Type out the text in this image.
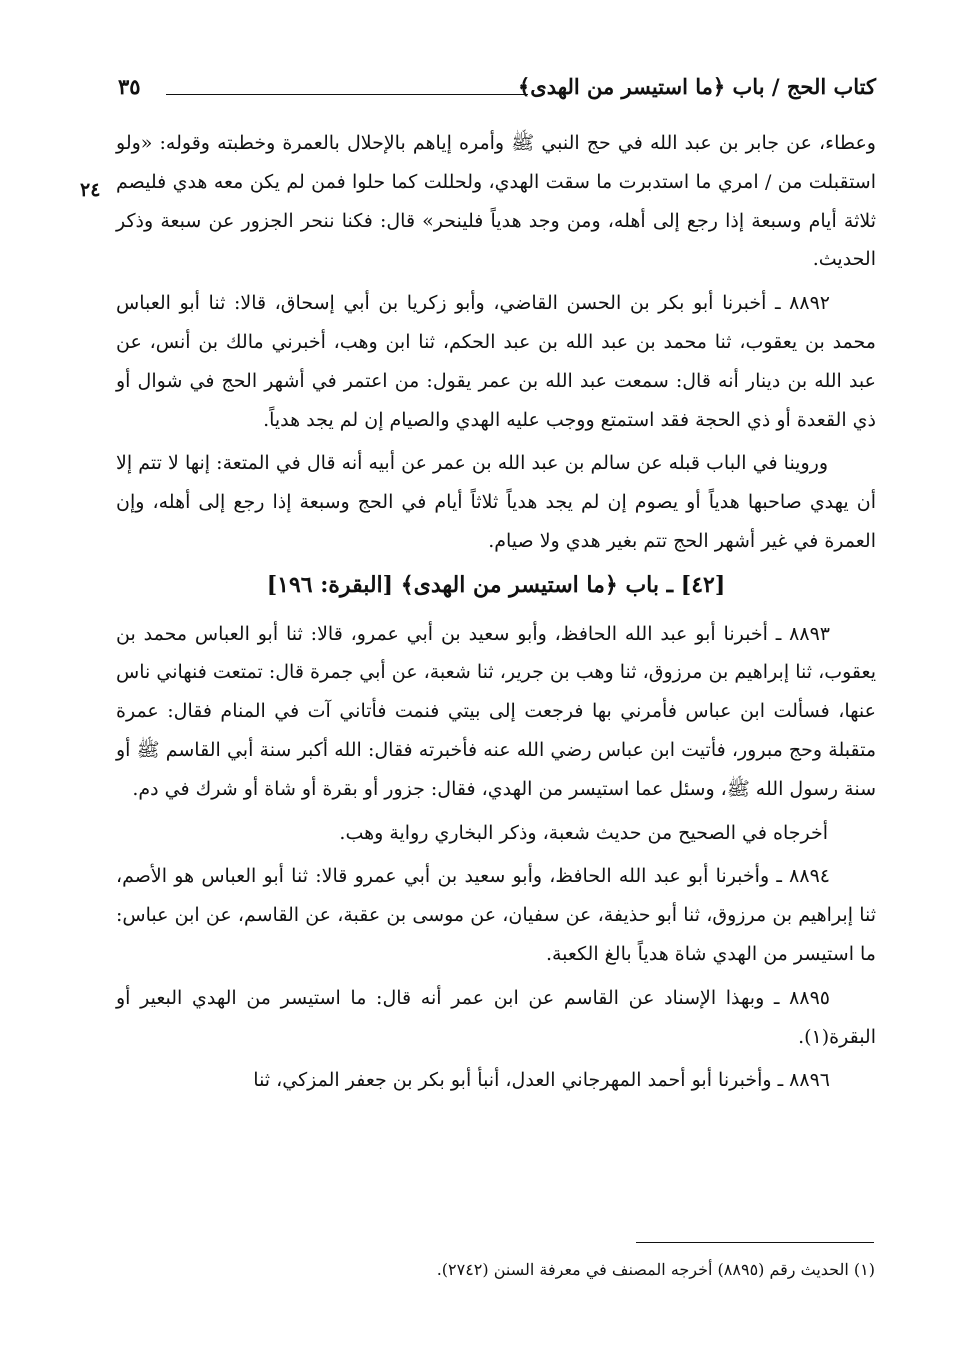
كتاب الحج / باب ﴿ما استيسر من الهدى﴾
٣٥
٢٤

وعطاء، عن جابر بن عبد الله في حج النبي ﷺ وأمره إياهم بالإحلال بالعمرة وخطبته وقوله: «ولو استقبلت من / امري ما استدبرت ما سقت الهدي، ولحللت كما حلوا فمن لم يكن معه هدي فليصم ثلاثة أيام وسبعة إذا رجع إلى أهله، ومن وجد هدياً فلينحر» قال: فكنا ننحر الجزور عن سبعة وذكر الحديث.

٨٨٩٢ ـ أخبرنا أبو بكر بن الحسن القاضي، وأبو زكريا بن أبي إسحاق، قالا: ثنا أبو العباس محمد بن يعقوب، ثنا محمد بن عبد الله بن عبد الحكم، ثنا ابن وهب، أخبرني مالك بن أنس، عن عبد الله بن دينار أنه قال: سمعت عبد الله بن عمر يقول: من اعتمر في أشهر الحج في شوال أو ذي القعدة أو ذي الحجة فقد استمتع ووجب عليه الهدي والصيام إن لم يجد هدياً.

وروينا في الباب قبله عن سالم بن عبد الله بن عمر عن أبيه أنه قال في المتعة: إنها لا تتم إلا أن يهدي صاحبها هدياً أو يصوم إن لم يجد هدياً ثلاثاً أيام في الحج وسبعة إذا رجع إلى أهله، وإن العمرة في غير أشهر الحج تتم بغير هدي ولا صيام.

[٤٢] ـ باب ﴿ما استيسر من الهدى﴾ [البقرة: ١٩٦]

٨٨٩٣ ـ أخبرنا أبو عبد الله الحافظ، وأبو سعيد بن أبي عمرو، قالا: ثنا أبو العباس محمد بن يعقوب، ثنا إبراهيم بن مرزوق، ثنا وهب بن جرير، ثنا شعبة، عن أبي جمرة قال: تمتعت فنهاني ناس عنها، فسألت ابن عباس فأمرني بها فرجعت إلى بيتي فنمت فأتاني آت في المنام فقال: عمرة متقبلة وحج مبرور، فأتيت ابن عباس رضي الله عنه فأخبرته فقال: الله أكبر سنة أبي القاسم ﷺ أو سنة رسول الله ﷺ، وسئل عما استيسر من الهدي، فقال: جزور أو بقرة أو شاة أو شرك في دم.

أخرجاه في الصحيح من حديث شعبة، وذكر البخاري رواية وهب.

٨٨٩٤ ـ وأخبرنا أبو عبد الله الحافظ، وأبو سعيد بن أبي عمرو قالا: ثنا أبو العباس هو الأصم، ثنا إبراهيم بن مرزوق، ثنا أبو حذيفة، عن سفيان، عن موسى بن عقبة، عن القاسم، عن ابن عباس: ما استيسر من الهدي شاة هدياً بالغ الكعبة.

٨٨٩٥ ـ وبهذا الإسناد عن القاسم عن ابن عمر أنه قال: ما استيسر من الهدي البعير أو البقرة(١).

٨٨٩٦ ـ وأخبرنا أبو أحمد المهرجاني العدل، أنبأ أبو بكر بن جعفر المزكي، ثنا

(١) الحديث رقم (٨٨٩٥) أخرجه المصنف في معرفة السنن (٢٧٤٢).
